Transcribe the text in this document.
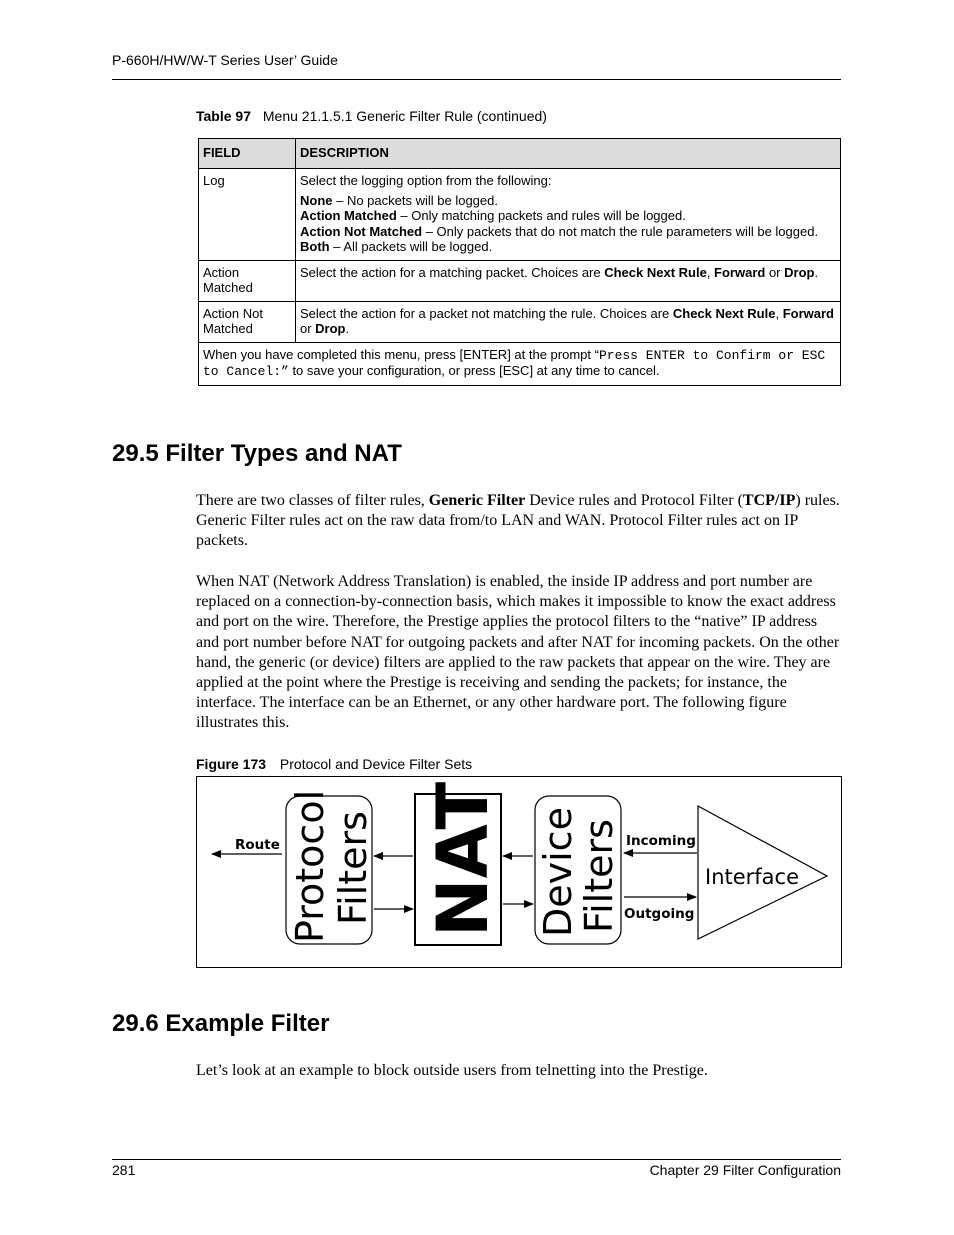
P-660H/HW/W-T Series User’ Guide
Table 97 Menu 21.1.5.1 Generic Filter Rule (continued)
FIELD	DESCRIPTION
Log	Select the logging option from the following:
None – No packets will be logged.
Action Matched – Only matching packets and rules will be logged.
Action Not Matched – Only packets that do not match the rule parameters will be logged.
Both – All packets will be logged.

Action Matched	Select the action for a matching packet. Choices are Check Next Rule, Forward or Drop.
Action Not Matched	Select the action for a packet not matching the rule. Choices are Check Next Rule, Forward or Drop.
When you have completed this menu, press [ENTER] at the prompt “Press ENTER to Confirm or ESC to Cancel:” to save your configuration, or press [ESC] at any time to cancel.	
29.5 Filter Types and NAT

There are two classes of filter rules, Generic Filter Device rules and Protocol Filter (TCP/IP) rules. Generic Filter rules act on the raw data from/to LAN and WAN. Protocol Filter rules act on IP packets.

When NAT (Network Address Translation) is enabled, the inside IP address and port number are replaced on a connection-by-connection basis, which makes it impossible to know the exact address and port on the wire. Therefore, the Prestige applies the protocol filters to the “native” IP address and port number before NAT for outgoing packets and after NAT for incoming packets. On the other hand, the generic (or device) filters are applied to the raw packets that appear on the wire. They are applied at the point where the Prestige is receiving and sending the packets; for instance, the interface. The interface can be an Ethernet, or any other hardware port. The following figure illustrates this.

Figure 173 Protocol and Device Filter Sets
Route Protocol Filters NAT Device
Filters Incoming
Outgoing
Interface
29.6 Example Filter

Let’s look at an example to block outside users from telnetting into the Prestige.

281	Chapter 29 Filter Configuration
